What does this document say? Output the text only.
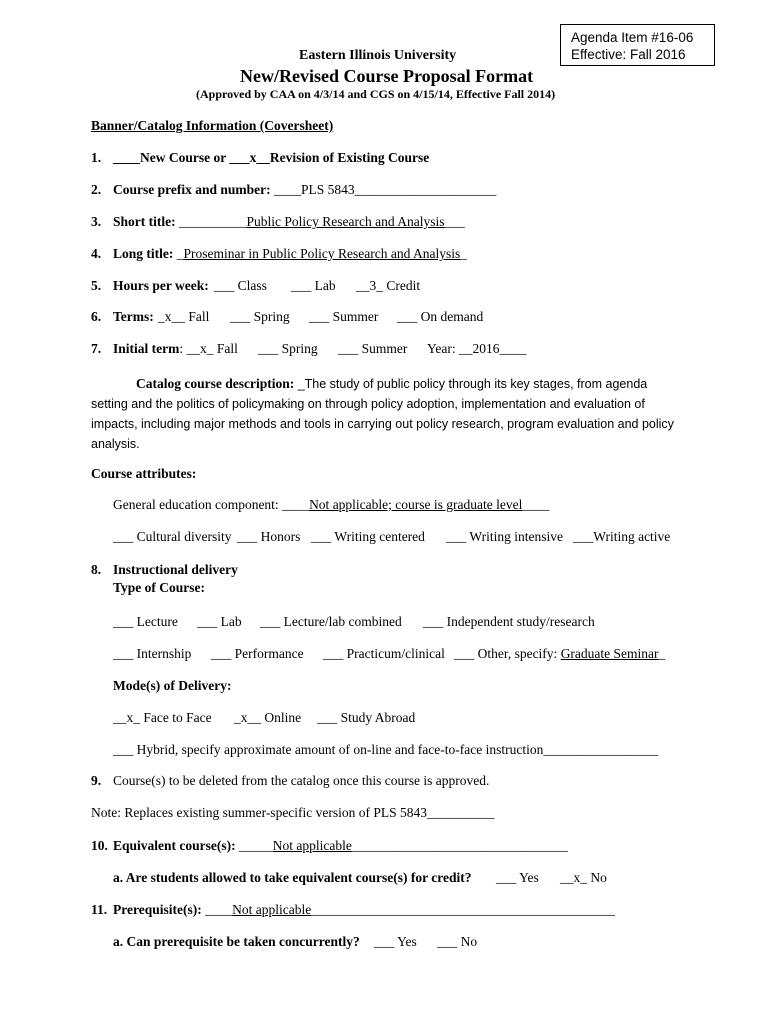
Agenda Item #16-06
Effective: Fall 2016
Eastern Illinois University
New/Revised Course Proposal Format
(Approved by CAA on 4/3/14 and CGS on 4/15/14, Effective Fall 2014)
Banner/Catalog Information (Coversheet)
1. ____New Course or ___x__Revision of Existing Course
2. Course prefix and number: ____PLS 5843_____________________
3. Short title: __________Public Policy Research and Analysis___
4. Long title: _Proseminar in Public Policy Research and Analysis_
5. Hours per week: ___ Class ___ Lab __3_ Credit
6. Terms: _x__ Fall ___ Spring ___ Summer ___ On demand
7. Initial term: __x_ Fall ___ Spring ___ Summer Year: __2016____
Catalog course description: _The study of public policy through its key stages, from agenda setting and the politics of policymaking on through policy adoption, implementation and evaluation of impacts, including major methods and tools in carrying out policy research, program evaluation and policy analysis.
Course attributes:
General education component: ____Not applicable; course is graduate level____
___ Cultural diversity ___ Honors ___ Writing centered ___ Writing intensive ___Writing active
8. Instructional delivery
Type of Course:
___ Lecture ___ Lab ___ Lecture/lab combined ___ Independent study/research
___ Internship ___ Performance ___ Practicum/clinical ___ Other, specify: Graduate Seminar_
Mode(s) of Delivery:
__x_ Face to Face _x__ Online ___ Study Abroad
___ Hybrid, specify approximate amount of on-line and face-to-face instruction_________________
9. Course(s) to be deleted from the catalog once this course is approved.
Note: Replaces existing summer-specific version of PLS 5843__________
10. Equivalent course(s): _____Not applicable________________________________
a. Are students allowed to take equivalent course(s) for credit? ___ Yes __x_ No
11. Prerequisite(s): ____Not applicable_____________________________________________
a. Can prerequisite be taken concurrently? ___ Yes ___ No
